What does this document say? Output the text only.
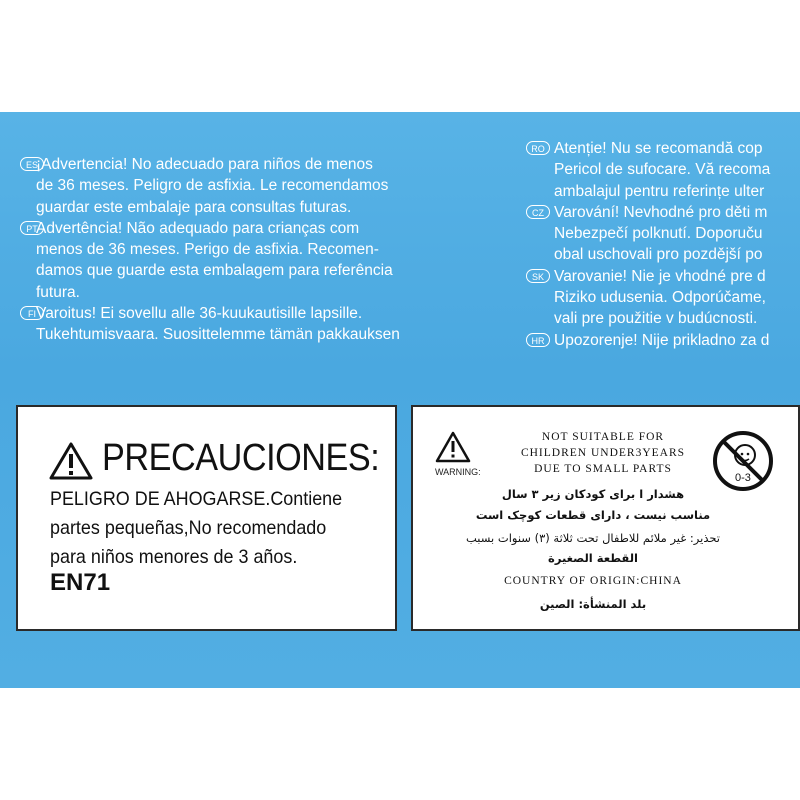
ES
¡Advertencia! No adecuado para niños de menos
de 36 meses. Peligro de asfixia. Le recomendamos
guardar este embalaje para consultas futuras.
PT
Advertência! Não adequado para crianças com
menos de 36 meses. Perigo de asfixia. Recomen-
damos que guarde esta embalagem para referência
futura.
FI Varoitus! Ei sovellu alle 36-kuukautisille lapsille.
Tukehtumisvaara. Suosittelemme tämän pakkauksen
RO Atenție! Nu se recomandă cop
Pericol de sufocare. Vă recoma
ambalajul pentru referințe ulter
CZ Varování! Nevhodné pro děti m
Nebezpečí polknutí. Doporuču
obal uschovali pro pozdější po
SK Varovanie! Nie je vhodné pre d
Riziko udusenia. Odporúčame,
vali pre použitie v budúcnosti.
HR Upozorenje! Nije prikladno za d
PRECAUCIONES:
PELIGRO DE AHOGARSE.Contiene
partes pequeñas,No recomendado
para niños menores de 3 años.
EN71
WARNING:
NOT SUITABLE FOR
CHILDREN UNDER3YEARS
DUE TO SMALL PARTS
هشدار ا برای کودکان زیر ۳ سال
مناسب نیست ، دارای قطعات کوچک است
تحذير: غير ملائم للاطفال تحت ثلاثة (٣) سنوات بسبب
القطعة الصغيرة
COUNTRY OF ORIGIN:CHINA
بلد المنشأة: الصين
0-3
